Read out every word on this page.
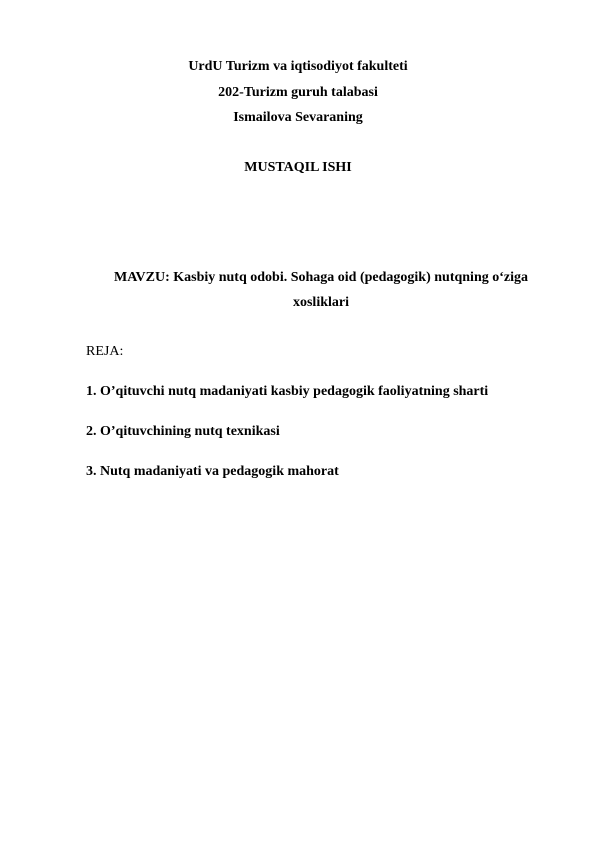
UrdU Turizm va iqtisodiyot fakulteti
202-Turizm guruh talabasi
Ismailova Sevaraning
MUSTAQIL ISHI
MAVZU: Kasbiy nutq odobi. Sohaga oid (pedagogik) nutqning o‘ziga xosliklari
REJA:
1. O’qituvchi nutq madaniyati kasbiy pedagogik faoliyatning sharti
2. O’qituvchining nutq texnikasi
3. Nutq madaniyati va pedagogik mahorat
